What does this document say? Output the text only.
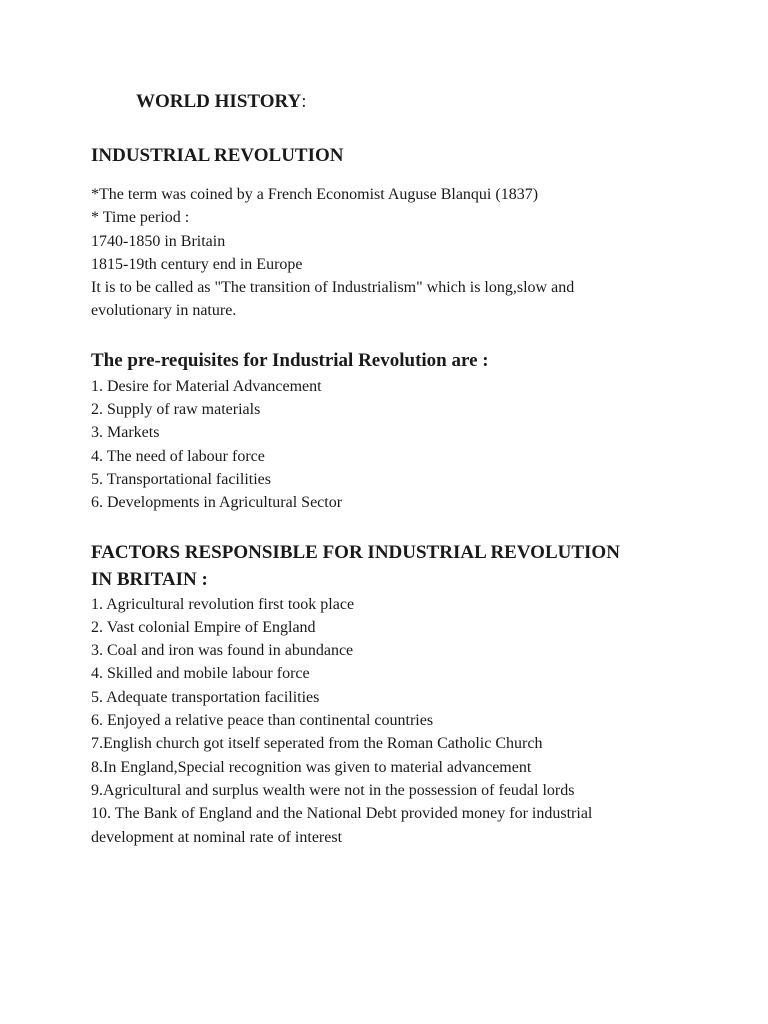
WORLD HISTORY:
INDUSTRIAL REVOLUTION

*The term was coined by a French Economist Auguse Blanqui (1837)

* Time period :

1740-1850 in Britain

1815-19th century end in Europe

It is to be called as "The transition of Industrialism" which is long,slow and

evolutionary in nature.

The pre-requisites for Industrial Revolution are :
1. Desire for Material Advancement
2. Supply of raw materials
3. Markets
4. The need of labour force
5. Transportational facilities
6. Developments in Agricultural Sector
FACTORS RESPONSIBLE FOR INDUSTRIAL REVOLUTION
IN BRITAIN :
1. Agricultural revolution first took place
2. Vast colonial Empire of England
3. Coal and iron was found in abundance
4. Skilled and mobile labour force
5. Adequate transportation facilities
6. Enjoyed a relative peace than continental countries
7.English church got itself seperated from the Roman Catholic Church
8.In England,Special recognition was given to material advancement
9.Agricultural and surplus wealth were not in the possession of feudal lords
10. The Bank of England and the National Debt provided money for industrial
development at nominal rate of interest
